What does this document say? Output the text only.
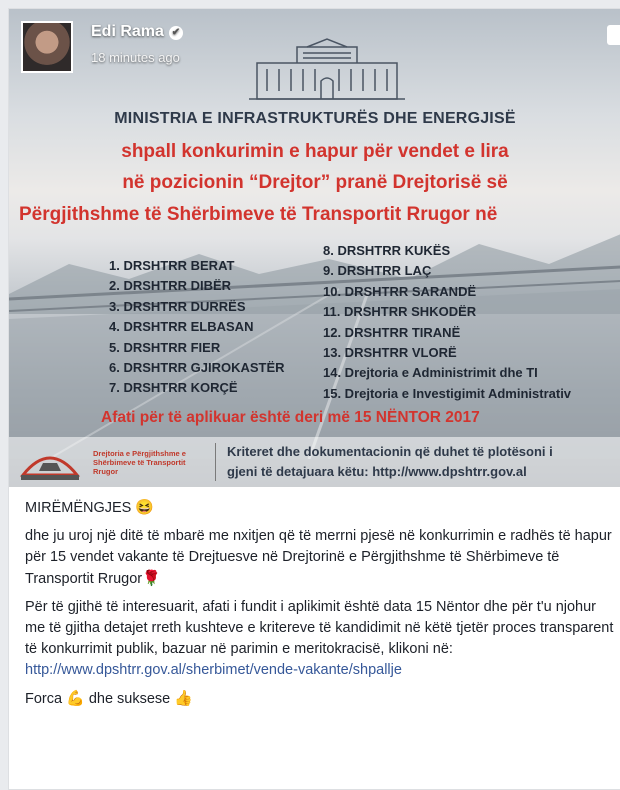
Edi Rama ✔
18 minutes ago
MINISTRIA E INFRASTRUKTURËS DHE ENERGJISË
shpall konkurimin e hapur për vendet e lira
në pozicionin “Drejtor” pranë Drejtorisë së
Përgjithshme të Shërbimeve të Transportit Rrugor në
1. DRSHTRR BERAT
2. DRSHTRR DIBËR
3. DRSHTRR DURRËS
4. DRSHTRR ELBASAN
5. DRSHTRR FIER
6. DRSHTRR GJIROKASTËR
7. DRSHTRR KORÇË
8. DRSHTRR KUKËS
9. DRSHTRR LAÇ
10. DRSHTRR SARANDË
11. DRSHTRR SHKODËR
12. DRSHTRR TIRANË
13. DRSHTRR VLORË
14. Drejtoria e Administrimit dhe TI
15. Drejtoria e Investigimit Administrativ
Afati për të aplikuar është deri më 15 NËNTOR 2017
Drejtoria e Përgjithshme e
Shërbimeve të Transportit
Rrugor
Kriteret dhe dokumentacionin që duhet të plotësoni i
gjeni të detajuara këtu: http://www.dpshtrr.gov.al

MIRËMËNGJES 😆

dhe ju uroj një ditë të mbarë me nxitjen që të merrni pjesë në konkurrimin e radhës të hapur për 15 vendet vakante të Drejtuesve në Drejtorinë e Përgjithshme të Shërbimeve të Transportit Rrugor🌹

Për të gjithë të interesuarit, afati i fundit i aplikimit është data 15 Nëntor dhe për t'u njohur me të gjitha detajet rreth kushteve e kritereve të kandidimit në këtë tjetër proces transparent të konkurrimit publik, bazuar në parimin e meritokracisë, klikoni në: http://www.dpshtrr.gov.al/sherbimet/vende-vakante/shpallje

Forca 💪 dhe suksese 👍
